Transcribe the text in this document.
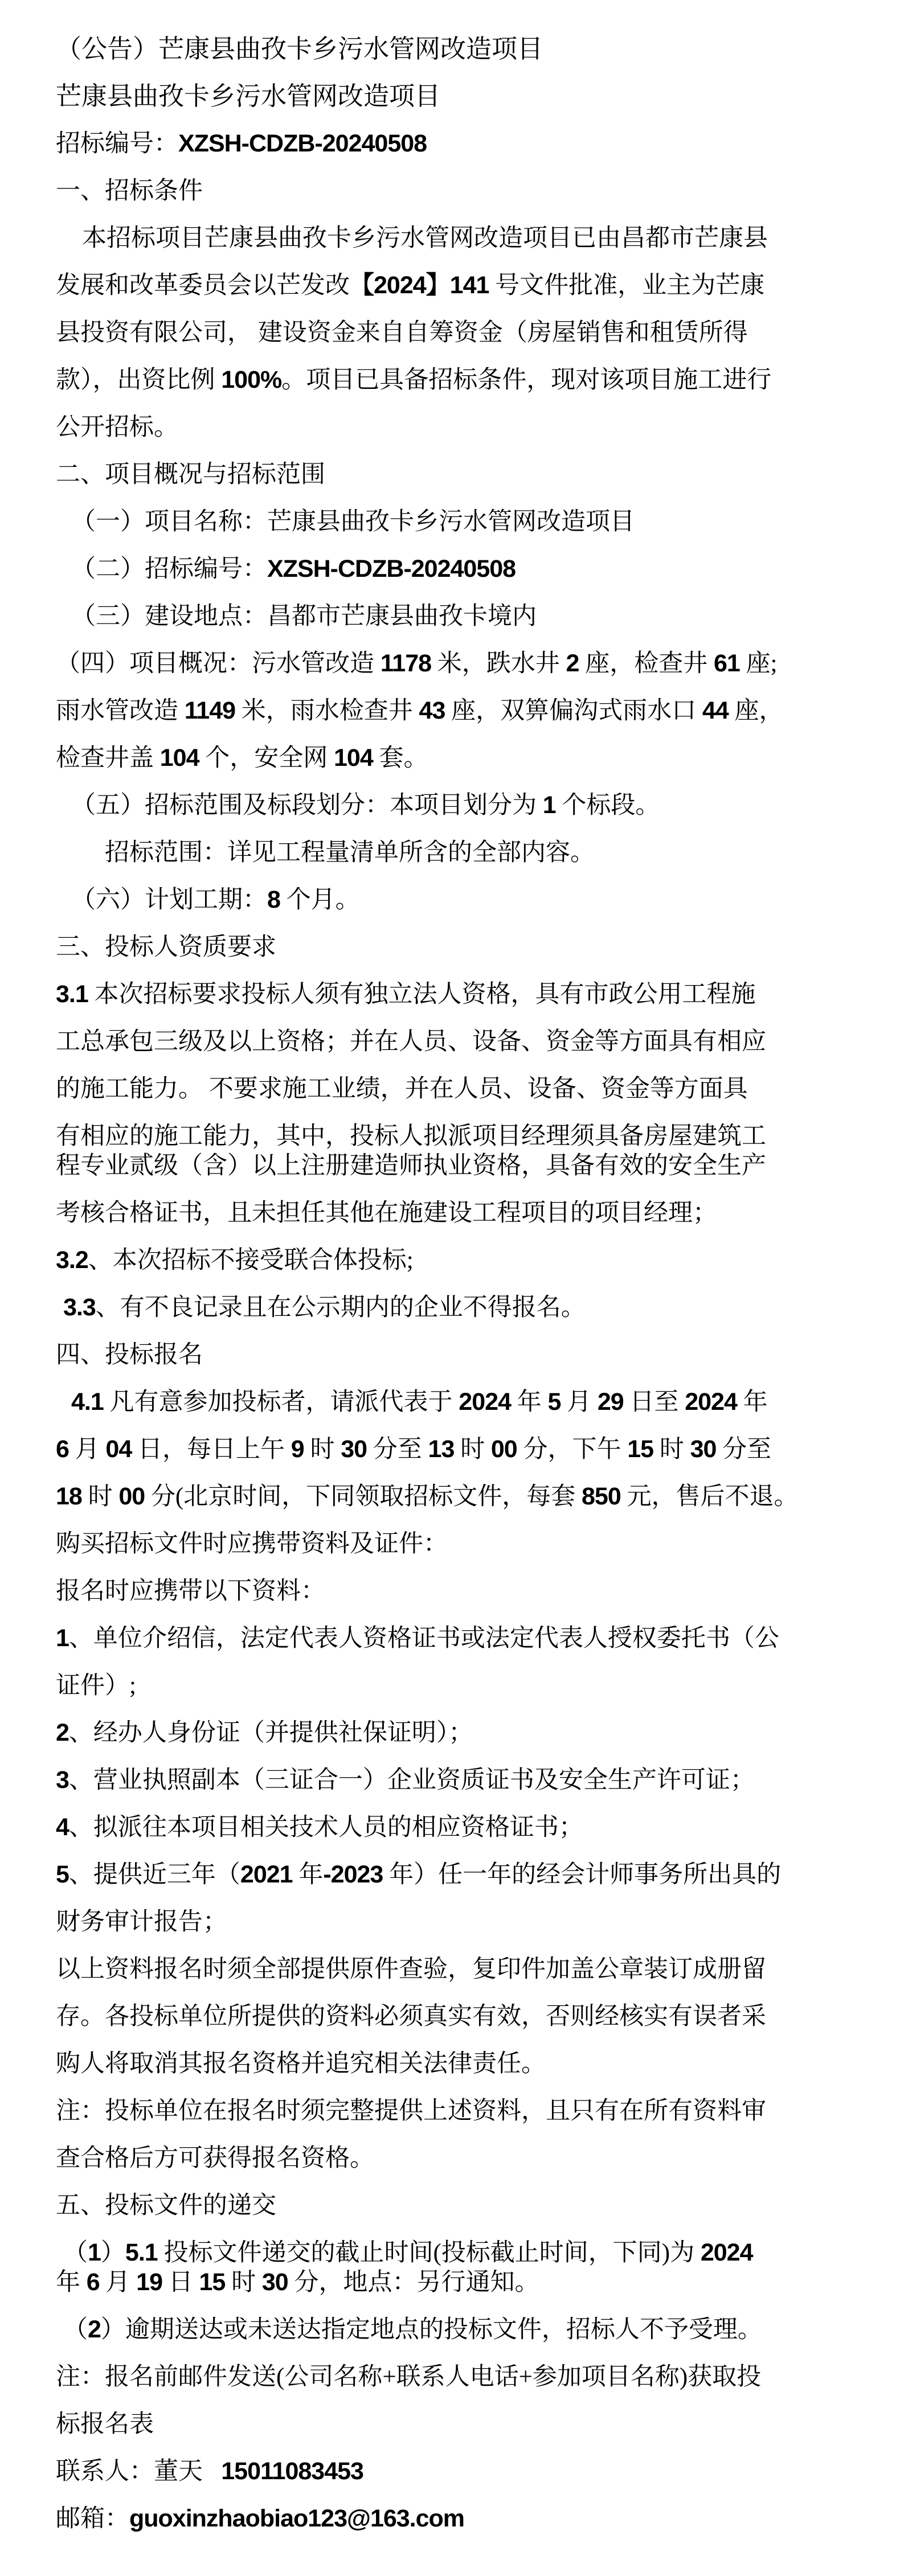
（公告）芒康县曲孜卡乡污水管网改造项目
芒康县曲孜卡乡污水管网改造项目
招标编号：XZSH-CDZB-20240508
一、招标条件
本招标项目芒康县曲孜卡乡污水管网改造项目已由昌都市芒康县
发展和改革委员会以芒发改【2024】141 号文件批准，业主为芒康
县投资有限公司， 建设资金来自自筹资金（房屋销售和租赁所得
款），出资比例 100%。项目已具备招标条件，现对该项目施工进行
公开招标。
二、项目概况与招标范围
（一）项目名称：芒康县曲孜卡乡污水管网改造项目
（二）招标编号：XZSH-CDZB-20240508
（三）建设地点：昌都市芒康县曲孜卡境内
（四）项目概况：污水管改造 1178 米，跌水井 2 座，检查井 61 座;
雨水管改造 1149 米，雨水检查井 43 座，双箅偏沟式雨水口 44 座，
检查井盖 104 个，安全网 104 套。
（五）招标范围及标段划分：本项目划分为 1 个标段。
招标范围：详见工程量清单所含的全部内容。
（六）计划工期：8 个月。
三、投标人资质要求
3.1 本次招标要求投标人须有独立法人资格，具有市政公用工程施
工总承包三级及以上资格；并在人员、设备、资金等方面具有相应
的施工能力。 不要求施工业绩，并在人员、设备、资金等方面具
有相应的施工能力，其中，投标人拟派项目经理须具备房屋建筑工
程专业贰级（含）以上注册建造师执业资格，具备有效的安全生产
考核合格证书，且未担任其他在施建设工程项目的项目经理；
3.2、本次招标不接受联合体投标;
3.3、有不良记录且在公示期内的企业不得报名。
四、投标报名
4.1 凡有意参加投标者，请派代表于 2024 年 5 月 29 日至 2024 年
6 月 04 日，每日上午 9 时 30 分至 13 时 00 分，下午 15 时 30 分至
18 时 00 分(北京时间，下同领取招标文件，每套 850 元，售后不退。
购买招标文件时应携带资料及证件：
报名时应携带以下资料：
1、单位介绍信，法定代表人资格证书或法定代表人授权委托书（公
证件）;
2、经办人身份证（并提供社保证明）；
3、营业执照副本（三证合一）企业资质证书及安全生产许可证；
4、拟派往本项目相关技术人员的相应资格证书；
5、提供近三年（2021 年-2023 年）任一年的经会计师事务所出具的
财务审计报告；
以上资料报名时须全部提供原件查验，复印件加盖公章装订成册留
存。各投标单位所提供的资料必须真实有效，否则经核实有误者采
购人将取消其报名资格并追究相关法律责任。
注：投标单位在报名时须完整提供上述资料，且只有在所有资料审
查合格后方可获得报名资格。
五、投标文件的递交
（1）5.1 投标文件递交的截止时间(投标截止时间，下同)为 2024
年 6 月 19 日 15 时 30 分，地点：另行通知。
（2）逾期送达或未送达指定地点的投标文件，招标人不予受理。
注：报名前邮件发送(公司名称+联系人电话+参加项目名称)获取投
标报名表
联系人：董天   15011083453
邮箱：guoxinzhaobiao123@163.com
